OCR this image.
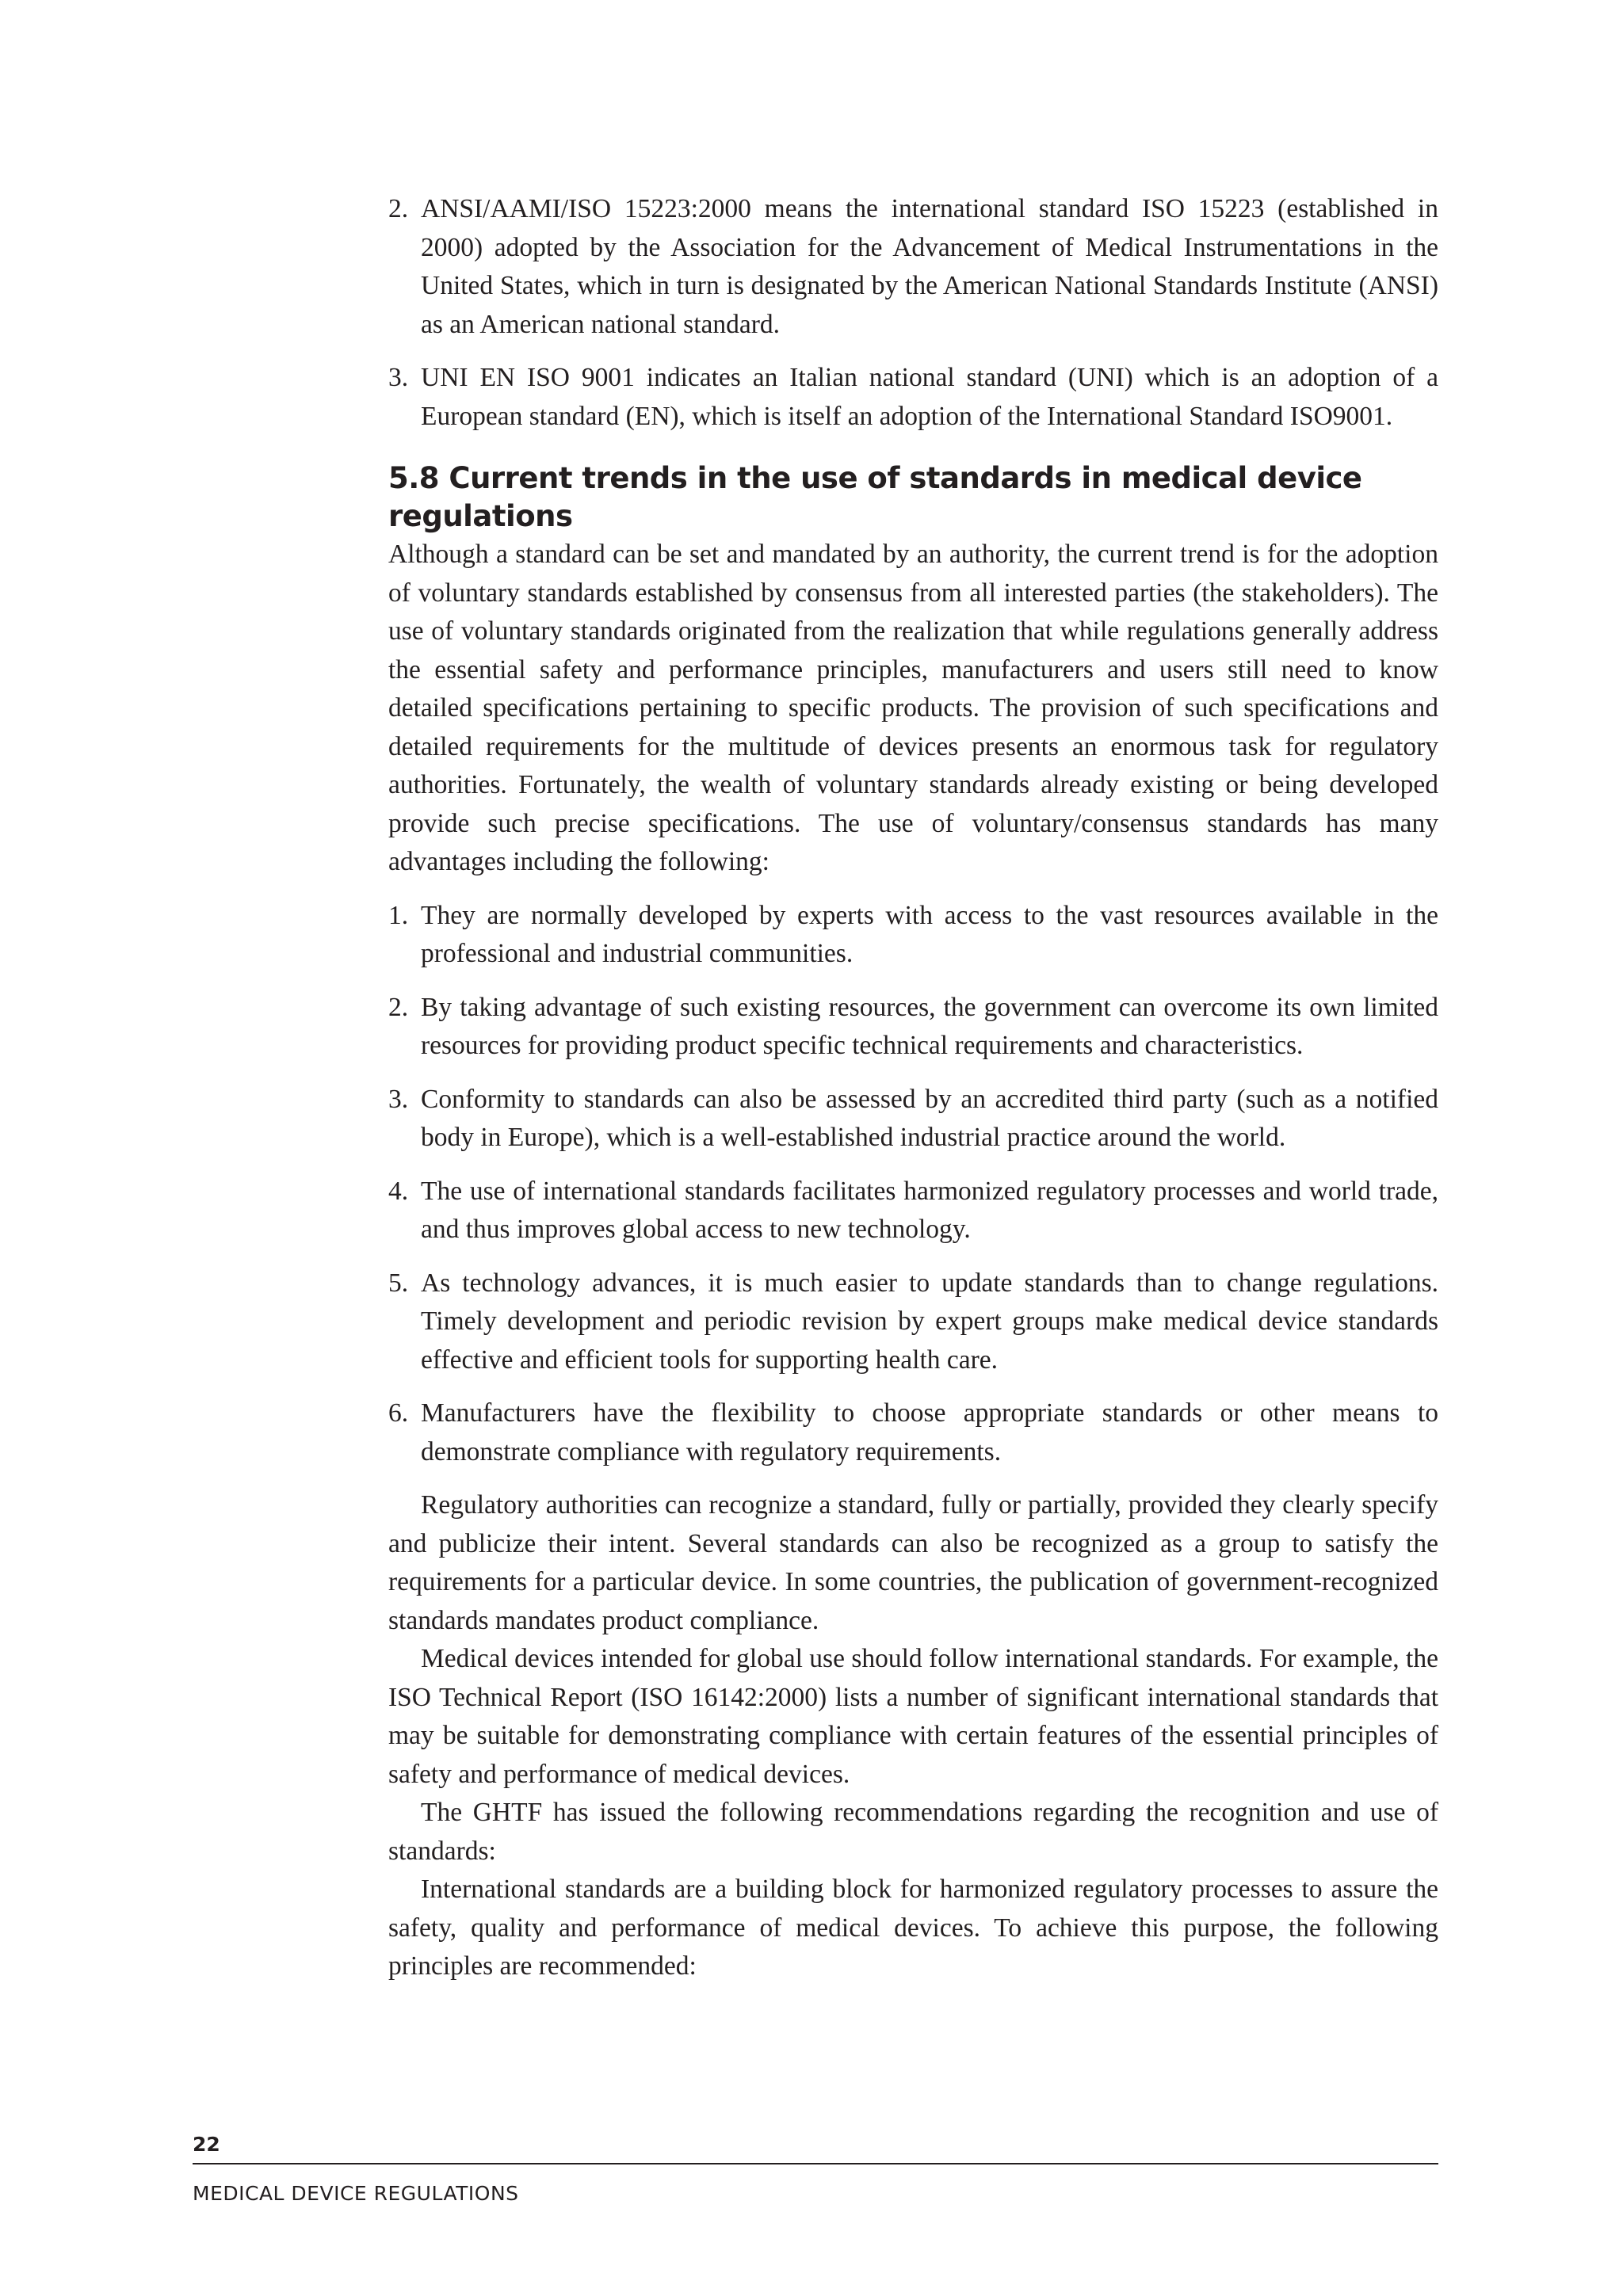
2. ANSI/AAMI/ISO 15223:2000 means the international standard ISO 15223 (established in 2000) adopted by the Association for the Advancement of Medical Instrumentations in the United States, which in turn is designated by the American National Standards Institute (ANSI) as an American national standard.
3. UNI EN ISO 9001 indicates an Italian national standard (UNI) which is an adoption of a European standard (EN), which is itself an adoption of the International Standard ISO9001.
5.8 Current trends in the use of standards in medical device regulations

Although a standard can be set and mandated by an authority, the current trend is for the adoption of voluntary standards established by consensus from all interested parties (the stakeholders). The use of voluntary standards originated from the realization that while regulations generally address the essential safety and performance principles, manufacturers and users still need to know detailed specifications pertaining to specific products. The provision of such specifications and detailed requirements for the multitude of devices presents an enormous task for regulatory authorities. Fortunately, the wealth of voluntary standards already existing or being developed provide such precise specifications. The use of voluntary/consensus standards has many advantages including the following:

1. They are normally developed by experts with access to the vast resources available in the professional and industrial communities.
2. By taking advantage of such existing resources, the government can overcome its own limited resources for providing product specific technical requirements and characteristics.
3. Conformity to standards can also be assessed by an accredited third party (such as a notified body in Europe), which is a well-established industrial practice around the world.
4. The use of international standards facilitates harmonized regulatory processes and world trade, and thus improves global access to new technology.
5. As technology advances, it is much easier to update standards than to change regulations. Timely development and periodic revision by expert groups make medical device standards effective and efficient tools for supporting health care.
6. Manufacturers have the flexibility to choose appropriate standards or other means to demonstrate compliance with regulatory requirements.

Regulatory authorities can recognize a standard, fully or partially, provided they clearly specify and publicize their intent. Several standards can also be recognized as a group to satisfy the requirements for a particular device. In some countries, the publication of government-recognized standards mandates product compliance.

Medical devices intended for global use should follow international standards. For example, the ISO Technical Report (ISO 16142:2000) lists a number of significant international standards that may be suitable for demonstrating compliance with certain features of the essential principles of safety and performance of medical devices.

The GHTF has issued the following recommendations regarding the recognition and use of standards:

International standards are a building block for harmonized regulatory processes to assure the safety, quality and performance of medical devices. To achieve this purpose, the following principles are recommended:

22
MEDICAL DEVICE REGULATIONS
